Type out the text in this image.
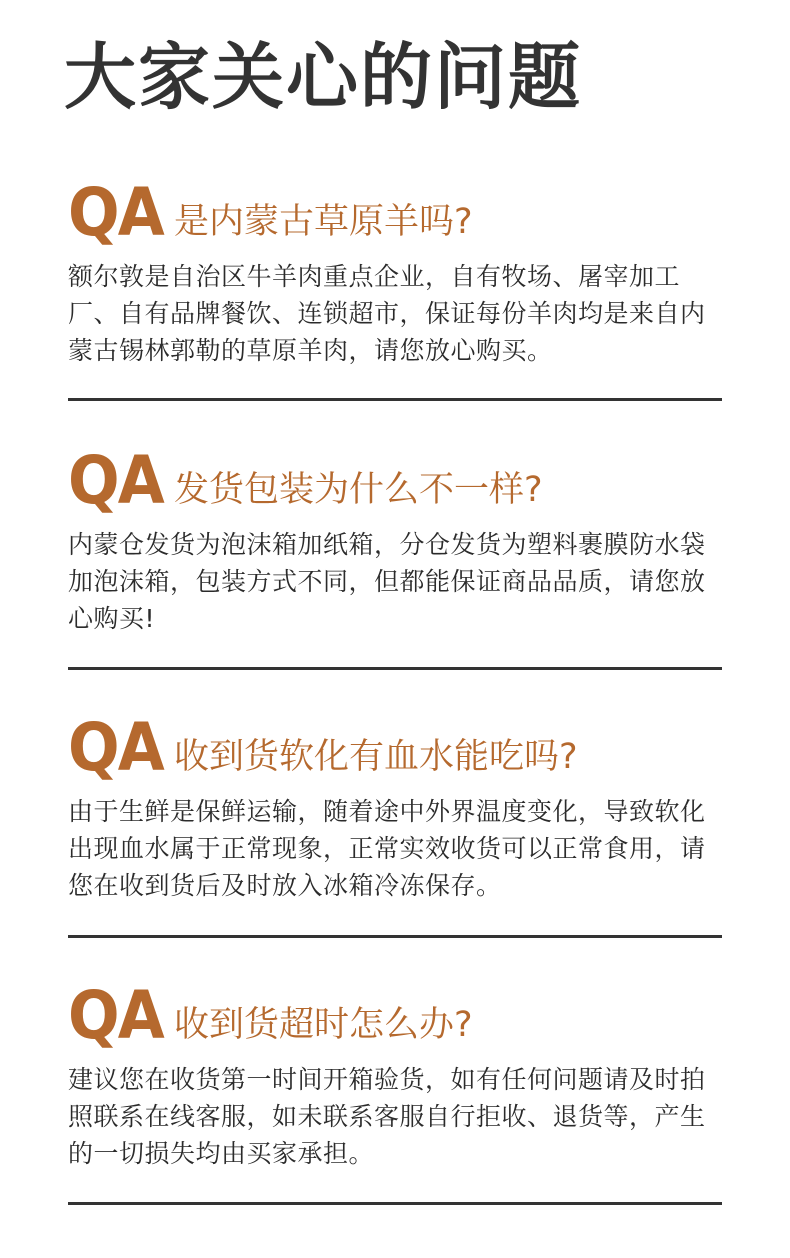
大家关心的问题
QA 是内蒙古草原羊吗?
额尔敦是自治区牛羊肉重点企业，自有牧场、屠宰加工厂、自有品牌餐饮、连锁超市，保证每份羊肉均是来自内蒙古锡林郭勒的草原羊肉，请您放心购买。
QA 发货包装为什么不一样?
内蒙仓发货为泡沫箱加纸箱，分仓发货为塑料裹膜防水袋加泡沫箱，包装方式不同，但都能保证商品品质，请您放心购买!
QA 收到货软化有血水能吃吗?
由于生鲜是保鲜运输，随着途中外界温度变化，导致软化出现血水属于正常现象，正常实效收货可以正常食用，请您在收到货后及时放入冰箱冷冻保存。
QA 收到货超时怎么办?
建议您在收货第一时间开箱验货，如有任何问题请及时拍照联系在线客服，如未联系客服自行拒收、退货等，产生的一切损失均由买家承担。
